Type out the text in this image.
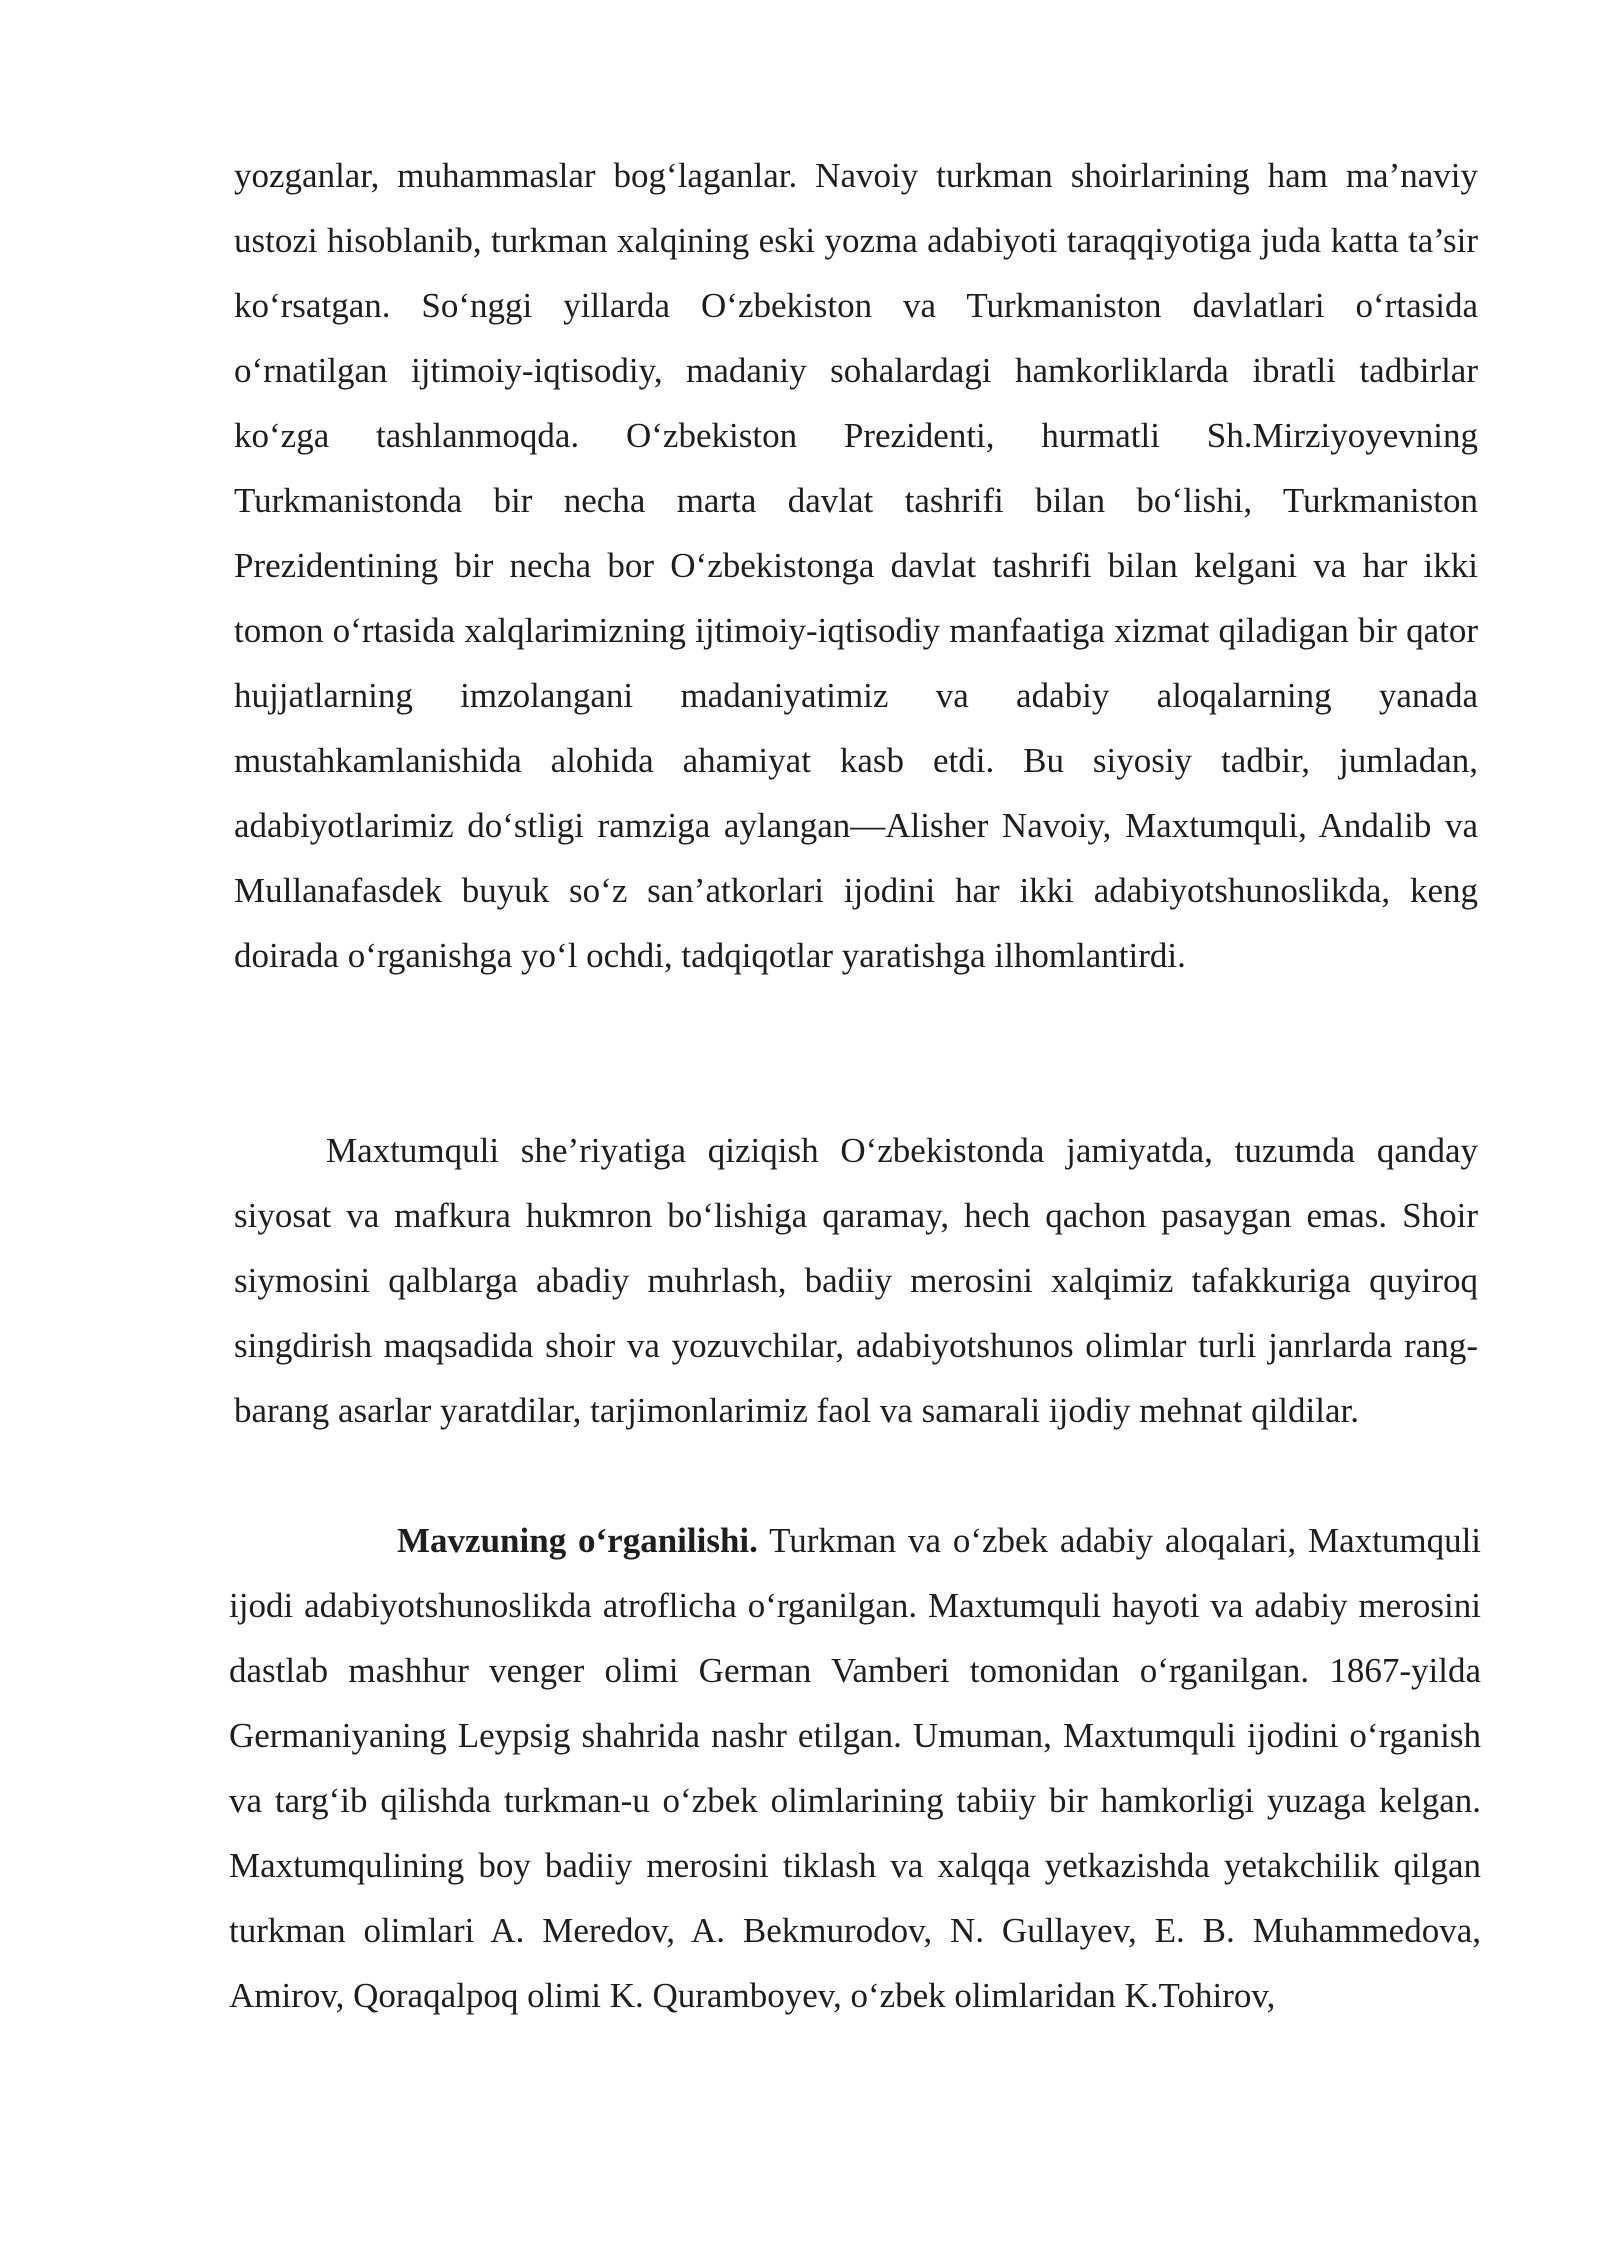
yozganlar, muhammaslar bog‘laganlar. Navoiy turkman shoirlarining ham ma’naviy ustozi hisoblanib, turkman xalqining eski yozma adabiyoti taraqqiyotiga juda katta ta’sir ko‘rsatgan. So‘nggi yillarda O‘zbekiston va Turkmaniston davlatlari o‘rtasida o‘rnatilgan ijtimoiy-iqtisodiy, madaniy sohalardagi hamkorliklarda ibratli tadbirlar ko‘zga tashlanmoqda. O‘zbekiston Prezidenti, hurmatli Sh.Mirziyoyevning Turkmanistonda bir necha marta davlat tashrifi bilan bo‘lishi, Turkmaniston Prezidentining bir necha bor O‘zbekistonga davlat tashrifi bilan kelgani va har ikki tomon o‘rtasida xalqlarimizning ijtimoiy-iqtisodiy manfaatiga xizmat qiladigan bir qator hujjatlarning imzolangani madaniyatimiz va adabiy aloqalarning yanada mustahkamlanishida alohida ahamiyat kasb etdi. Bu siyosiy tadbir, jumladan, adabiyotlarimiz do‘stligi ramziga aylangan—Alisher Navoiy, Maxtumquli, Andalib va Mullanafasdek buyuk so‘z san’atkorlari ijodini har ikki adabiyotshunoslikda, keng doirada o‘rganishga yo‘l ochdi, tadqiqotlar yaratishga ilhomlantirdi.

Maxtumquli she’riyatiga qiziqish O‘zbekistonda jamiyatda, tuzumda qanday siyosat va mafkura hukmron bo‘lishiga qaramay, hech qachon pasaygan emas. Shoir siymosini qalblarga abadiy muhrlash, badiiy merosini xalqimiz tafakkuriga quyiroq singdirish maqsadida shoir va yozuvchilar, adabiyotshunos olimlar turli janrlarda rang-barang asarlar yaratdilar, tarjimonlarimiz faol va samarali ijodiy mehnat qildilar.

Mavzuning o‘rganilishi. Turkman va o‘zbek adabiy aloqalari, Maxtumquli ijodi adabiyotshunoslikda atroflicha o‘rganilgan. Maxtumquli hayoti va adabiy merosini dastlab mashhur venger olimi German Vamberi tomonidan o‘rganilgan. 1867-yilda Germaniyaning Leypsig shahrida nashr etilgan. Umuman, Maxtumquli ijodini o‘rganish va targ‘ib qilishda turkman-u o‘zbek olimlarining tabiiy bir hamkorligi yuzaga kelgan. Maxtumqulining boy badiiy merosini tiklash va xalqqa yetkazishda yetakchilik qilgan turkman olimlari A. Meredov, A. Bekmurodov, N. Gullayev, E. B. Muhammedova, Amirov, Qoraqalpoq olimi K. Quramboyev, o‘zbek olimlaridan K.Tohirov,
